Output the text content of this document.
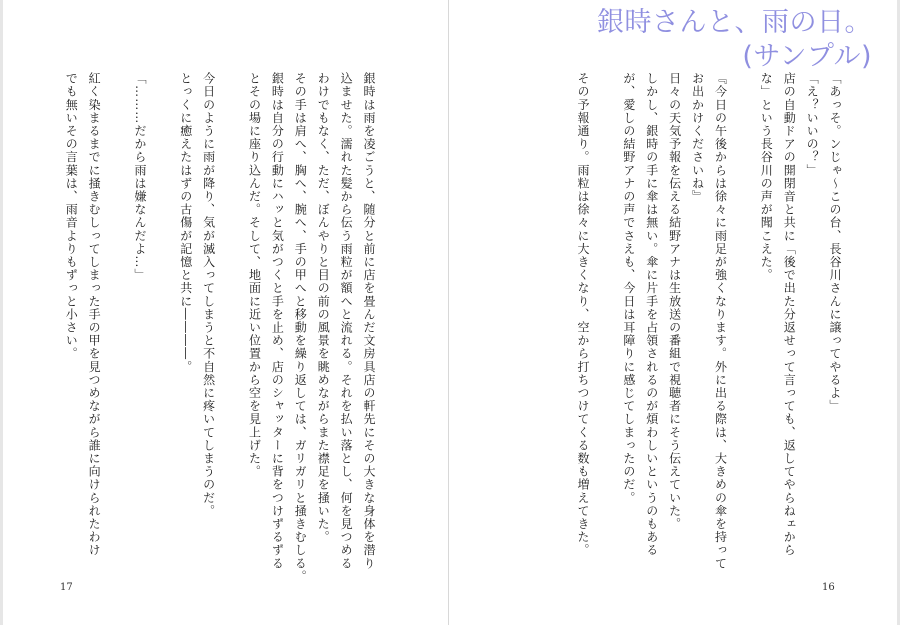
銀時さんと、雨の日。
(サンプル)

「あっそ。ンじゃ～この台、長谷川さんに譲ってやるよ」

「え？いいの？」

店の自動ドアの開閉音と共に「後で出た分返せって言っても、返してやらねェから

な」という長谷川の声が聞こえた。

『今日の午後からは徐々に雨足が強くなります。外に出る際は、大きめの傘を持って

お出かけくださいね』

日々の天気予報を伝える結野アナは生放送の番組で視聴者にそう伝えていた。

しかし、銀時の手に傘は無い。傘に片手を占領されるのが煩わしいというのもある

が、愛しの結野アナの声でさえも、今日は耳障りに感じてしまったのだ。

その予報通り。雨粒は徐々に大きくなり、空から打ちつけてくる数も増えてきた。

銀時は雨を凌ごうと、随分と前に店を畳んだ文房具店の軒先にその大きな身体を潜り

込ませた。濡れた髪から伝う雨粒が額へと流れる。それを払い落とし、何を見つめる

わけでもなく、ただ、ぼんやりと目の前の風景を眺めながらまた襟足を掻いた。

その手は肩へ、胸へ、腕へ、手の甲へと移動を繰り返しては、ガリガリと掻きむしる。

銀時は自分の行動にハッと気がつくと手を止め、店のシャッターに背をつけずるずる

とその場に座り込んだ。そして、地面に近い位置から空を見上げた。

今日のように雨が降り、気が滅入ってしまうと不自然に疼いてしまうのだ。

とっくに癒えたはずの古傷が記憶と共に――――。

「………だから雨は嫌なんだよ…」

紅く染まるまでに掻きむしってしまった手の甲を見つめながら誰に向けられたわけ

でも無いその言葉は、雨音よりもずっと小さい。

17	16
